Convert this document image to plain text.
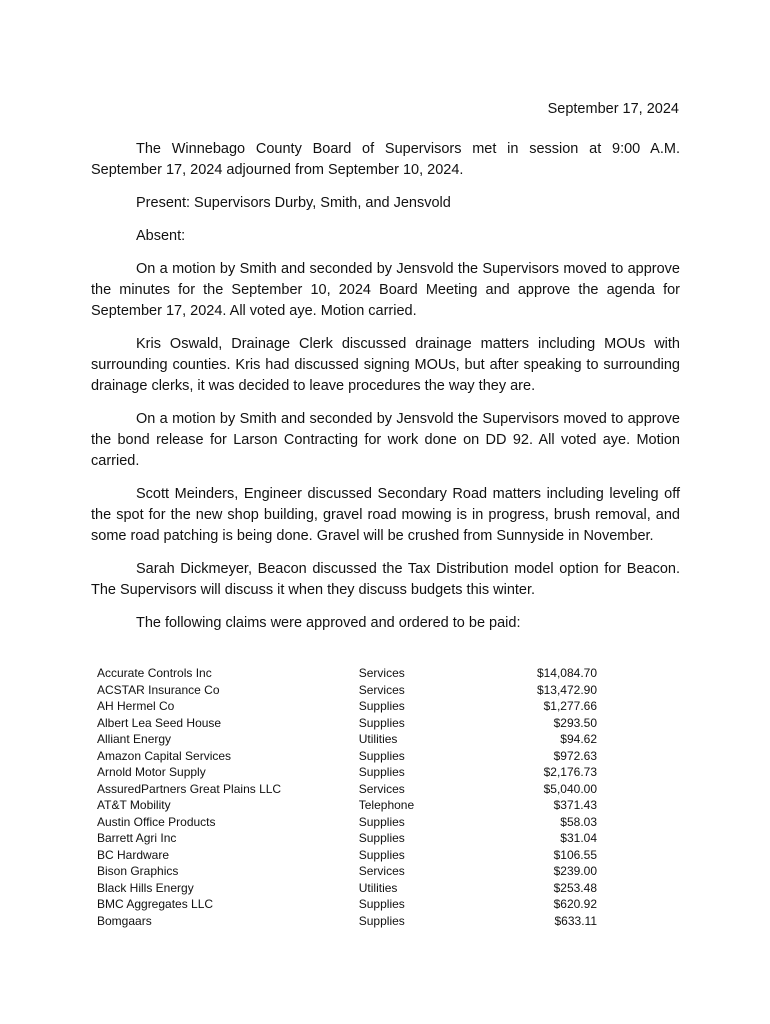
September 17, 2024

The Winnebago County Board of Supervisors met in session at 9:00 A.M. September 17, 2024 adjourned from September 10, 2024.

Present: Supervisors Durby, Smith, and Jensvold

Absent:

On a motion by Smith and seconded by Jensvold the Supervisors moved to approve the minutes for the September 10, 2024 Board Meeting and approve the agenda for September 17, 2024. All voted aye. Motion carried.

Kris Oswald, Drainage Clerk discussed drainage matters including MOUs with surrounding counties. Kris had discussed signing MOUs, but after speaking to surrounding drainage clerks, it was decided to leave procedures the way they are.

On a motion by Smith and seconded by Jensvold the Supervisors moved to approve the bond release for Larson Contracting for work done on DD 92. All voted aye. Motion carried.

Scott Meinders, Engineer discussed Secondary Road matters including leveling off the spot for the new shop building, gravel road mowing is in progress, brush removal, and some road patching is being done. Gravel will be crushed from Sunnyside in November.

Sarah Dickmeyer, Beacon discussed the Tax Distribution model option for Beacon. The Supervisors will discuss it when they discuss budgets this winter.

The following claims were approved and ordered to be paid:

Accurate Controls Inc	Services	$14,084.70
ACSTAR Insurance Co	Services	$13,472.90
AH Hermel Co	Supplies	$1,277.66
Albert Lea Seed House	Supplies	$293.50
Alliant Energy	Utilities	$94.62
Amazon Capital Services	Supplies	$972.63
Arnold Motor Supply	Supplies	$2,176.73
AssuredPartners Great Plains LLC	Services	$5,040.00
AT&T Mobility	Telephone	$371.43
Austin Office Products	Supplies	$58.03
Barrett Agri Inc	Supplies	$31.04
BC Hardware	Supplies	$106.55
Bison Graphics	Services	$239.00
Black Hills Energy	Utilities	$253.48
BMC Aggregates LLC	Supplies	$620.92
Bomgaars	Supplies	$633.11
